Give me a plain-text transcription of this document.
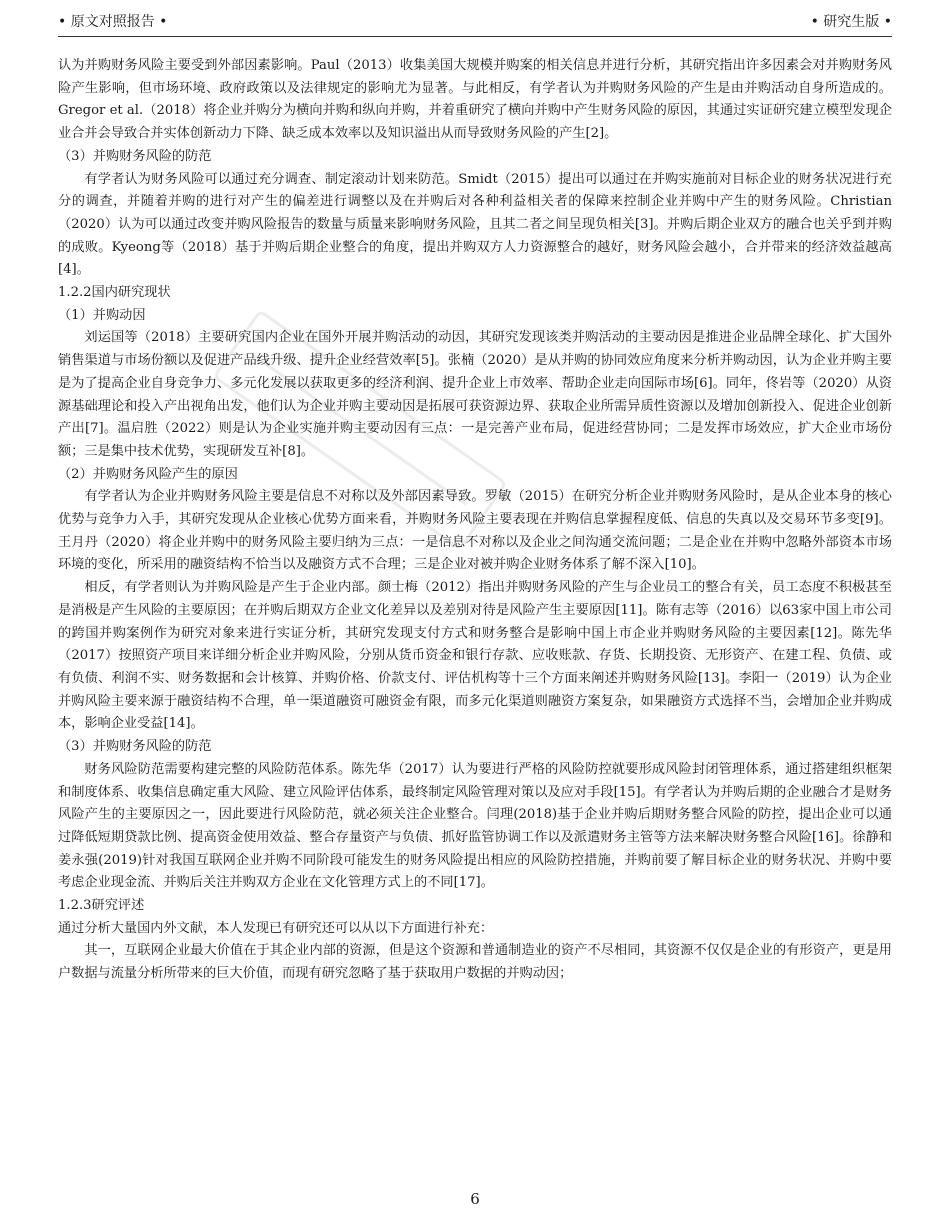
• 原文对照报告 •	• 研究生版 •

认为并购财务风险主要受到外部因素影响。Paul（2013）收集美国大规模并购案的相关信息并进行分析，其研究指出许多因素会对并购财务风险产生影响，但市场环境、政府政策以及法律规定的影响尤为显著。与此相反，有学者认为并购财务风险的产生是由并购活动自身所造成的。Gregor et al.（2018）将企业并购分为横向并购和纵向并购，并着重研究了横向并购中产生财务风险的原因，其通过实证研究建立模型发现企业合并会导致合并实体创新动力下降、缺乏成本效率以及知识溢出从而导致财务风险的产生[2]。

（3）并购财务风险的防范

有学者认为财务风险可以通过充分调查、制定滚动计划来防范。Smidt（2015）提出可以通过在并购实施前对目标企业的财务状况进行充分的调查，并随着并购的进行对产生的偏差进行调整以及在并购后对各种利益相关者的保障来控制企业并购中产生的财务风险。Christian（2020）认为可以通过改变并购风险报告的数量与质量来影响财务风险，且其二者之间呈现负相关[3]。并购后期企业双方的融合也关乎到并购的成败。Kyeong等（2018）基于并购后期企业整合的角度，提出并购双方人力资源整合的越好，财务风险会越小，合并带来的经济效益越高[4]。

1.2.2国内研究现状

（1）并购动因

刘运国等（2018）主要研究国内企业在国外开展并购活动的动因，其研究发现该类并购活动的主要动因是推进企业品牌全球化、扩大国外销售渠道与市场份额以及促进产品线升级、提升企业经营效率[5]。张楠（2020）是从并购的协同效应角度来分析并购动因，认为企业并购主要是为了提高企业自身竞争力、多元化发展以获取更多的经济利润、提升企业上市效率、帮助企业走向国际市场[6]。同年，佟岩等（2020）从资源基础理论和投入产出视角出发，他们认为企业并购主要动因是拓展可获资源边界、获取企业所需异质性资源以及增加创新投入、促进企业创新产出[7]。温启胜（2022）则是认为企业实施并购主要动因有三点：一是完善产业布局，促进经营协同；二是发挥市场效应，扩大企业市场份额；三是集中技术优势，实现研发互补[8]。

（2）并购财务风险产生的原因

有学者认为企业并购财务风险主要是信息不对称以及外部因素导致。罗敏（2015）在研究分析企业并购财务风险时，是从企业本身的核心优势与竞争力入手，其研究发现从企业核心优势方面来看，并购财务风险主要表现在并购信息掌握程度低、信息的失真以及交易环节多变[9]。王月丹（2020）将企业并购中的财务风险主要归纳为三点：一是信息不对称以及企业之间沟通交流问题；二是企业在并购中忽略外部资本市场环境的变化，所采用的融资结构不恰当以及融资方式不合理；三是企业对被并购企业财务体系了解不深入[10]。

相反，有学者则认为并购风险是产生于企业内部。颜士梅（2012）指出并购财务风险的产生与企业员工的整合有关，员工态度不积极甚至是消极是产生风险的主要原因；在并购后期双方企业文化差异以及差别对待是风险产生主要原因[11]。陈有志等（2016）以63家中国上市公司的跨国并购案例作为研究对象来进行实证分析，其研究发现支付方式和财务整合是影响中国上市企业并购财务风险的主要因素[12]。陈先华（2017）按照资产项目来详细分析企业并购风险，分别从货币资金和银行存款、应收账款、存货、长期投资、无形资产、在建工程、负债、或有负债、利润不实、财务数据和会计核算、并购价格、价款支付、评估机构等十三个方面来阐述并购财务风险[13]。李阳一（2019）认为企业并购风险主要来源于融资结构不合理，单一渠道融资可融资金有限，而多元化渠道则融资方案复杂，如果融资方式选择不当，会增加企业并购成本，影响企业受益[14]。

（3）并购财务风险的防范

财务风险防范需要构建完整的风险防范体系。陈先华（2017）认为要进行严格的风险防控就要形成风险封闭管理体系，通过搭建组织框架和制度体系、收集信息确定重大风险、建立风险评估体系，最终制定风险管理对策以及应对手段[15]。有学者认为并购后期的企业融合才是财务风险产生的主要原因之一，因此要进行风险防范，就必须关注企业整合。闫理(2018)基于企业并购后期财务整合风险的防控，提出企业可以通过降低短期贷款比例、提高资金使用效益、整合存量资产与负债、抓好监管协调工作以及派遣财务主管等方法来解决财务整合风险[16]。徐静和姜永强(2019)针对我国互联网企业并购不同阶段可能发生的财务风险提出相应的风险防控措施，并购前要了解目标企业的财务状况、并购中要考虑企业现金流、并购后关注并购双方企业在文化管理方式上的不同[17]。

1.2.3研究评述

通过分析大量国内外文献，本人发现已有研究还可以从以下方面进行补充：

其一，互联网企业最大价值在于其企业内部的资源，但是这个资源和普通制造业的资产不尽相同，其资源不仅仅是企业的有形资产，更是用户数据与流量分析所带来的巨大价值，而现有研究忽略了基于获取用户数据的并购动因；

6
